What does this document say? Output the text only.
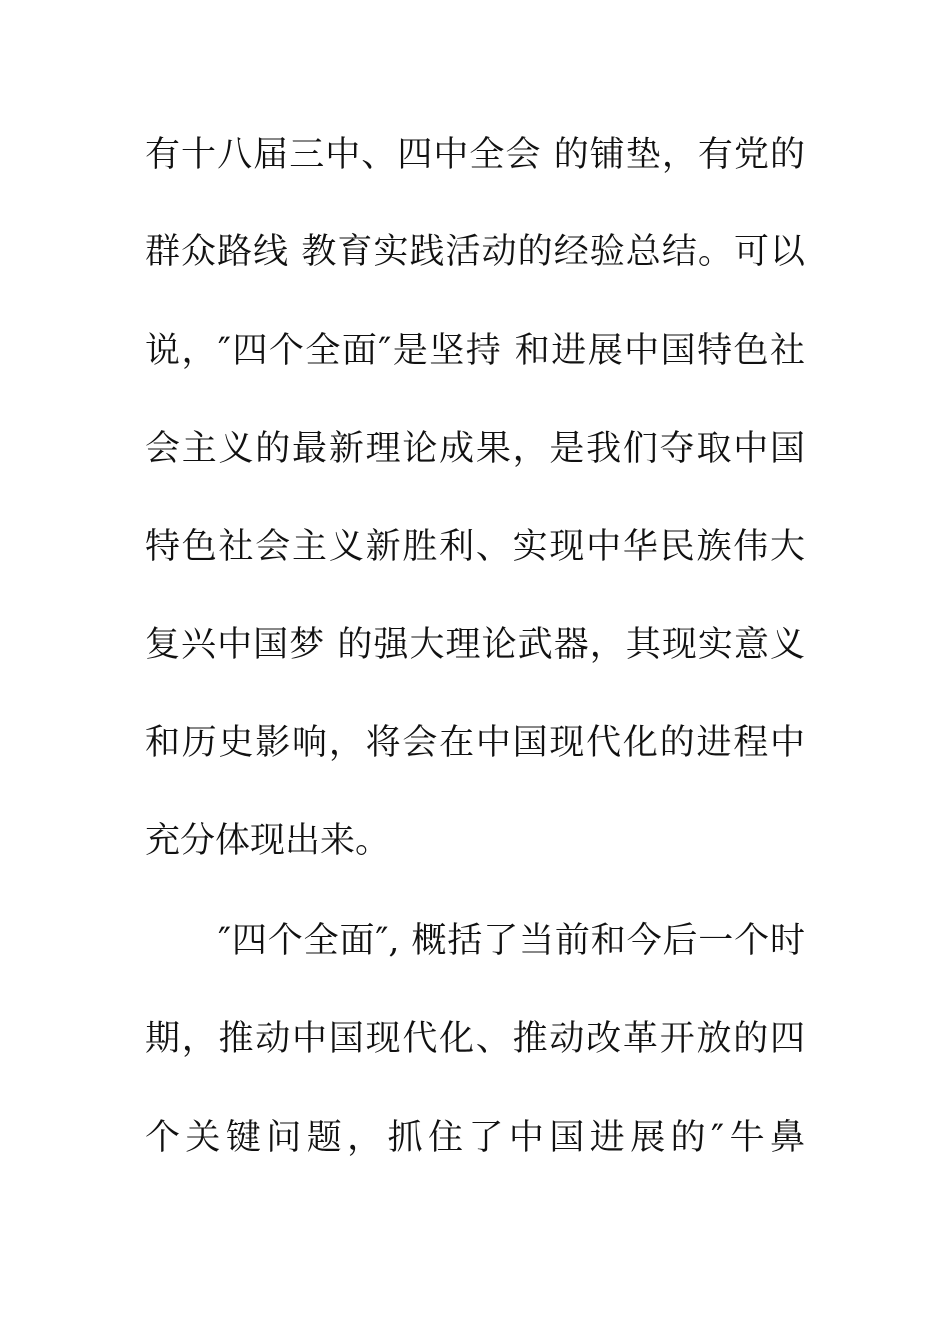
有十八届三中、四中全会 的铺垫，有党的
群众路线 教育实践活动的经验总结。可以
说，″四个全面″是坚持 和进展中国特色社
会主义的最新理论成果，是我们夺取中国
特色社会主义新胜利、实现中华民族伟大
复兴中国梦 的强大理论武器，其现实意义
和历史影响，将会在中国现代化的进程中
充分体现出来。
″四个全面″, 概括了当前和今后一个时
期，推动中国现代化、推动改革开放的四
个关键问题，抓住了中国进展的″牛鼻
